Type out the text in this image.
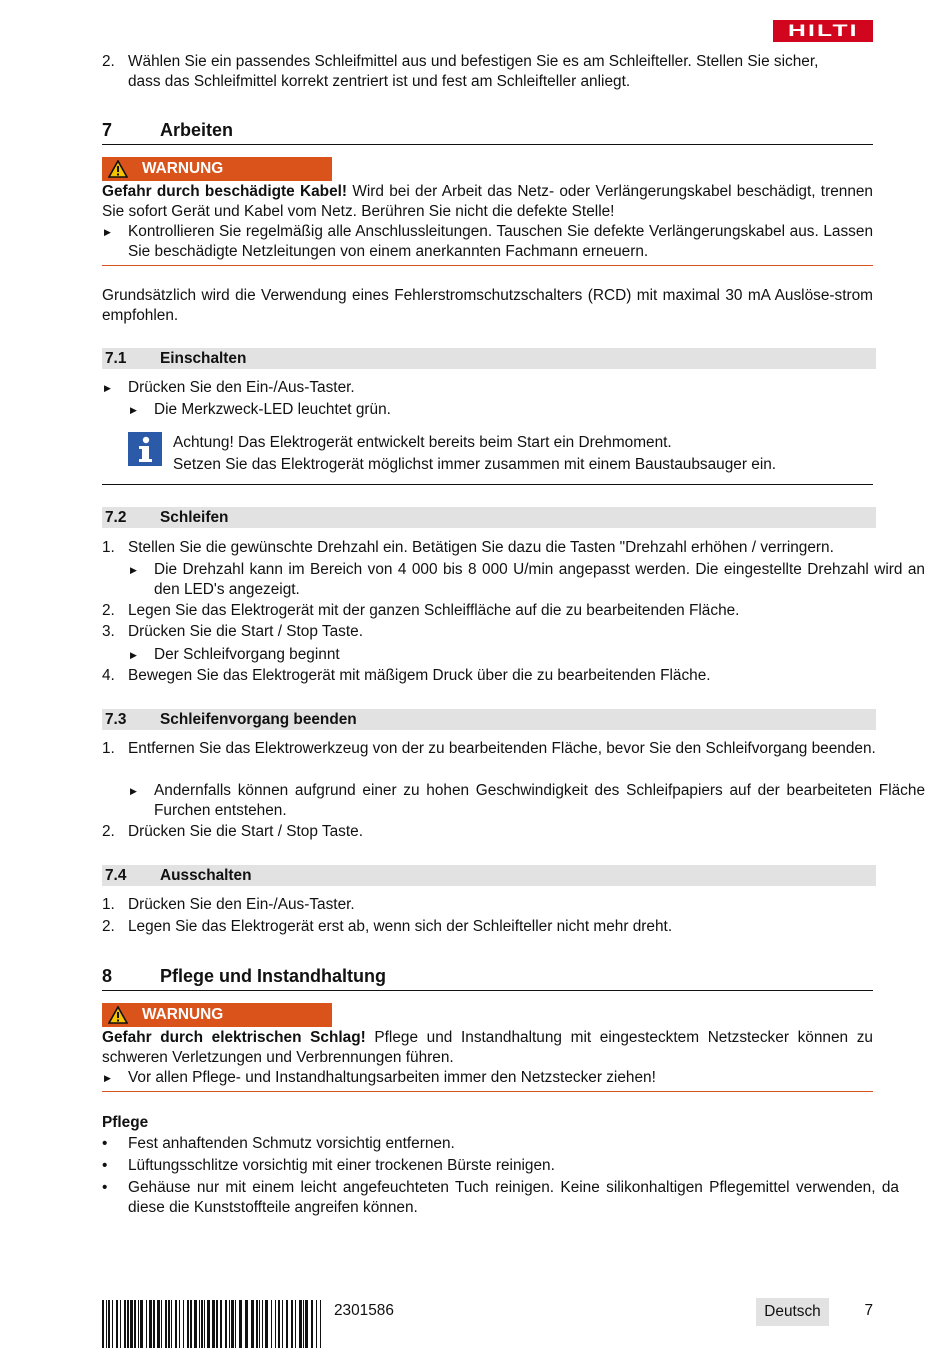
HILTI
2. Wählen Sie ein passendes Schleifmittel aus und befestigen Sie es am Schleifteller. Stellen Sie sicher,
dass das Schleifmittel korrekt zentriert ist und fest am Schleifteller anliegt.
7	Arbeiten
WARNUNG
Gefahr durch beschädigte Kabel! Wird bei der Arbeit das Netz- oder Verlängerungskabel beschädigt, trennen Sie sofort Gerät und Kabel vom Netz. Berühren Sie nicht die defekte Stelle!
▶ Kontrollieren Sie regelmäßig alle Anschlussleitungen. Tauschen Sie defekte Verlängerungskabel aus. Lassen Sie beschädigte Netzleitungen von einem anerkannten Fachmann erneuern.
Grundsätzlich wird die Verwendung eines Fehlerstromschutzschalters (RCD) mit maximal 30 mA Auslöse-strom empfohlen.
7.1	Einschalten
▶ Drücken Sie den Ein-/Aus-Taster.
▶ Die Merkzweck-LED leuchtet grün.
Achtung! Das Elektrogerät entwickelt bereits beim Start ein Drehmoment.
Setzen Sie das Elektrogerät möglichst immer zusammen mit einem Baustaubsauger ein.
7.2	Schleifen
1. Stellen Sie die gewünschte Drehzahl ein. Betätigen Sie dazu die Tasten "Drehzahl erhöhen / verringern.
▶ Die Drehzahl kann im Bereich von 4 000 bis 8 000 U/min angepasst werden. Die eingestellte Drehzahl wird an den LED's angezeigt.
2. Legen Sie das Elektrogerät mit der ganzen Schleiffläche auf die zu bearbeitenden Fläche.
3. Drücken Sie die Start / Stop Taste.
▶ Der Schleifvorgang beginnt
4. Bewegen Sie das Elektrogerät mit mäßigem Druck über die zu bearbeitenden Fläche.
7.3	Schleifenvorgang beenden
1. Entfernen Sie das Elektrowerkzeug von der zu bearbeitenden Fläche, bevor Sie den Schleifvorgang beenden.
▶ Andernfalls können aufgrund einer zu hohen Geschwindigkeit des Schleifpapiers auf der bearbeiteten Fläche Furchen entstehen.
2. Drücken Sie die Start / Stop Taste.
7.4	Ausschalten
1. Drücken Sie den Ein-/Aus-Taster.
2. Legen Sie das Elektrogerät erst ab, wenn sich der Schleifteller nicht mehr dreht.
8	Pflege und Instandhaltung
WARNUNG
Gefahr durch elektrischen Schlag! Pflege und Instandhaltung mit eingestecktem Netzstecker können zu schweren Verletzungen und Verbrennungen führen.
▶ Vor allen Pflege- und Instandhaltungsarbeiten immer den Netzstecker ziehen!
Pflege
• Fest anhaftenden Schmutz vorsichtig entfernen.
• Lüftungsschlitze vorsichtig mit einer trockenen Bürste reinigen.
• Gehäuse nur mit einem leicht angefeuchteten Tuch reinigen. Keine silikonhaltigen Pflegemittel verwenden, da diese die Kunststoffteile angreifen können.
2301586	Deutsch	7
